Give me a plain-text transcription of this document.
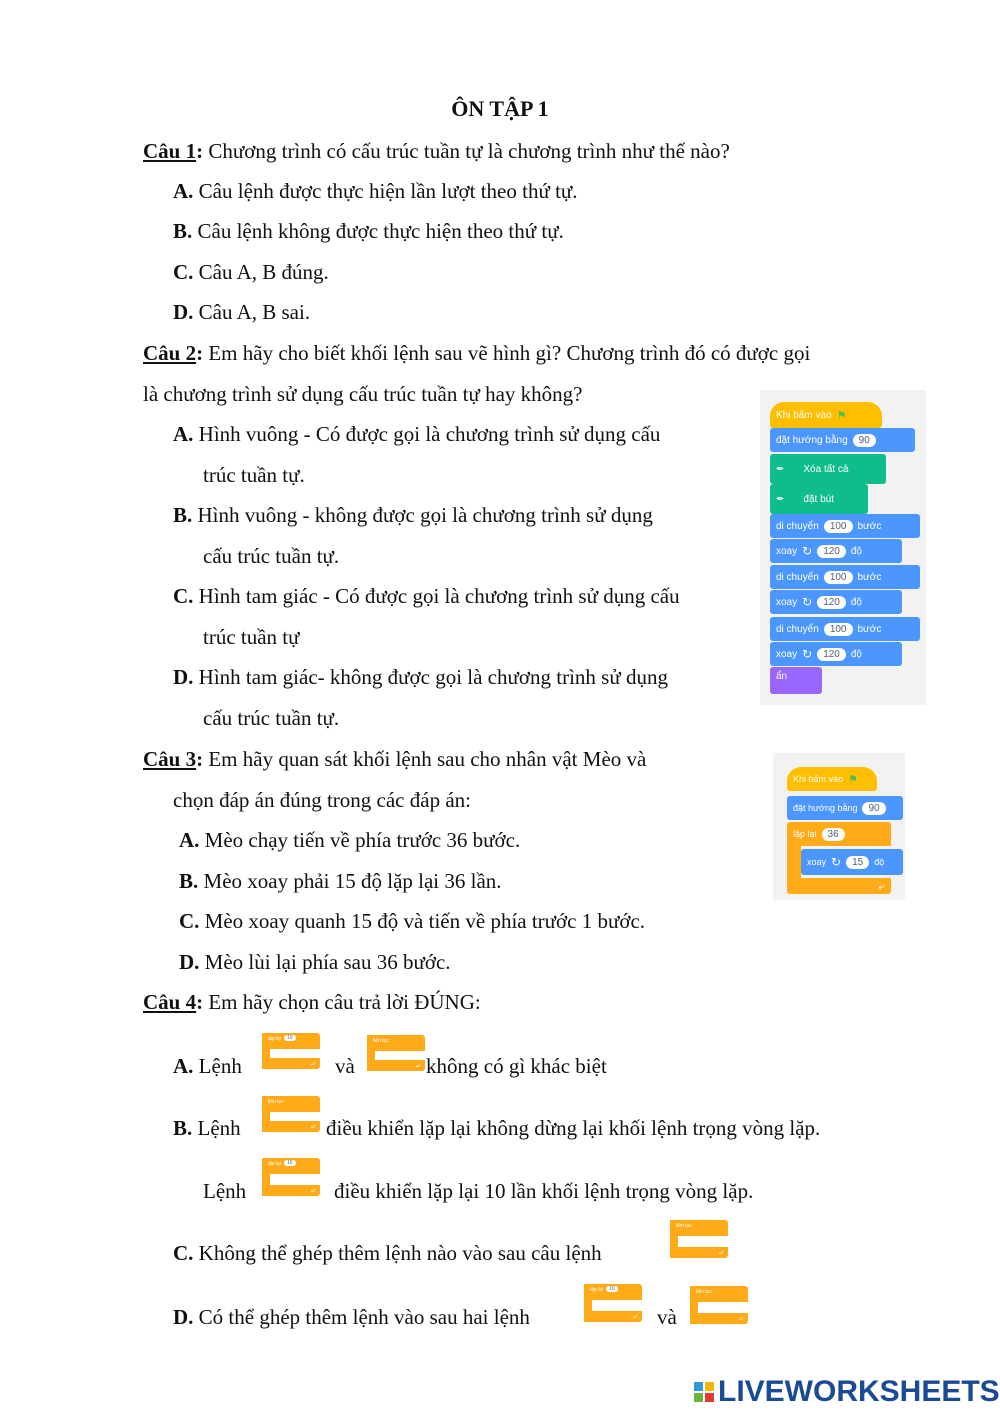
ÔN TẬP 1
Câu 1: Chương trình có cấu trúc tuần tự là chương trình như thế nào?
A. Câu lệnh được thực hiện lần lượt theo thứ tự.
B. Câu lệnh không được thực hiện theo thứ tự.
C. Câu A, B đúng.
D. Câu A, B sai.
Câu 2: Em hãy cho biết khối lệnh sau vẽ hình gì? Chương trình đó có được gọi
là chương trình sử dụng cấu trúc tuần tự hay không?
A. Hình vuông - Có được gọi là chương trình sử dụng cấu
trúc tuần tự.
B. Hình vuông - không được gọi là chương trình sử dụng
cấu trúc tuần tự.
C. Hình tam giác - Có được gọi là chương trình sử dụng cấu
trúc tuần tự
D. Hình tam giác- không được gọi là chương trình sử dụng
cấu trúc tuần tự.
Khi bấm vào ⚑
đặt hướng bằng	90
✒ Xóa tất cả
✒ đặt bút
di chuyển	100	bước
xoay ↻	120	độ
di chuyển	100	bước
xoay ↻	120	độ
di chuyển	100	bước
xoay ↻	120	độ
ẩn
Câu 3: Em hãy quan sát khối lệnh sau cho nhân vật Mèo và
chọn đáp án đúng trong các đáp án:
A. Mèo chạy tiến về phía trước 36 bước.
B. Mèo xoay phải 15 độ lặp lại 36 lần.
C. Mèo xoay quanh 15 độ và tiến về phía trước 1 bước.
D. Mèo lùi lại phía sau 36 bước.
Khi bấm vào ⚑
đặt hướng bằng	90
lặp lại	36
⤶
xoay ↻	15	độ
Câu 4: Em hãy chọn câu trả lời ĐÚNG:
A. Lệnh
lặp lại	10
⤶ và
liên tục
⤶ không có gì khác biệt
B. Lệnh
liên tục
⤶ điều khiển lặp lại không dừng lại khối lệnh trọng vòng lặp.
Lệnh
lặp lại	10
⤶ điều khiển lặp lại 10 lần khối lệnh trọng vòng lặp.
C. Không thể ghép thêm lệnh nào vào sau câu lệnh
liên tục
⤶
D. Có thể ghép thêm lệnh vào sau hai lệnh
lặp lại	10
⤶ và
liên tục
⤶
LIVEWORKSHEETS
